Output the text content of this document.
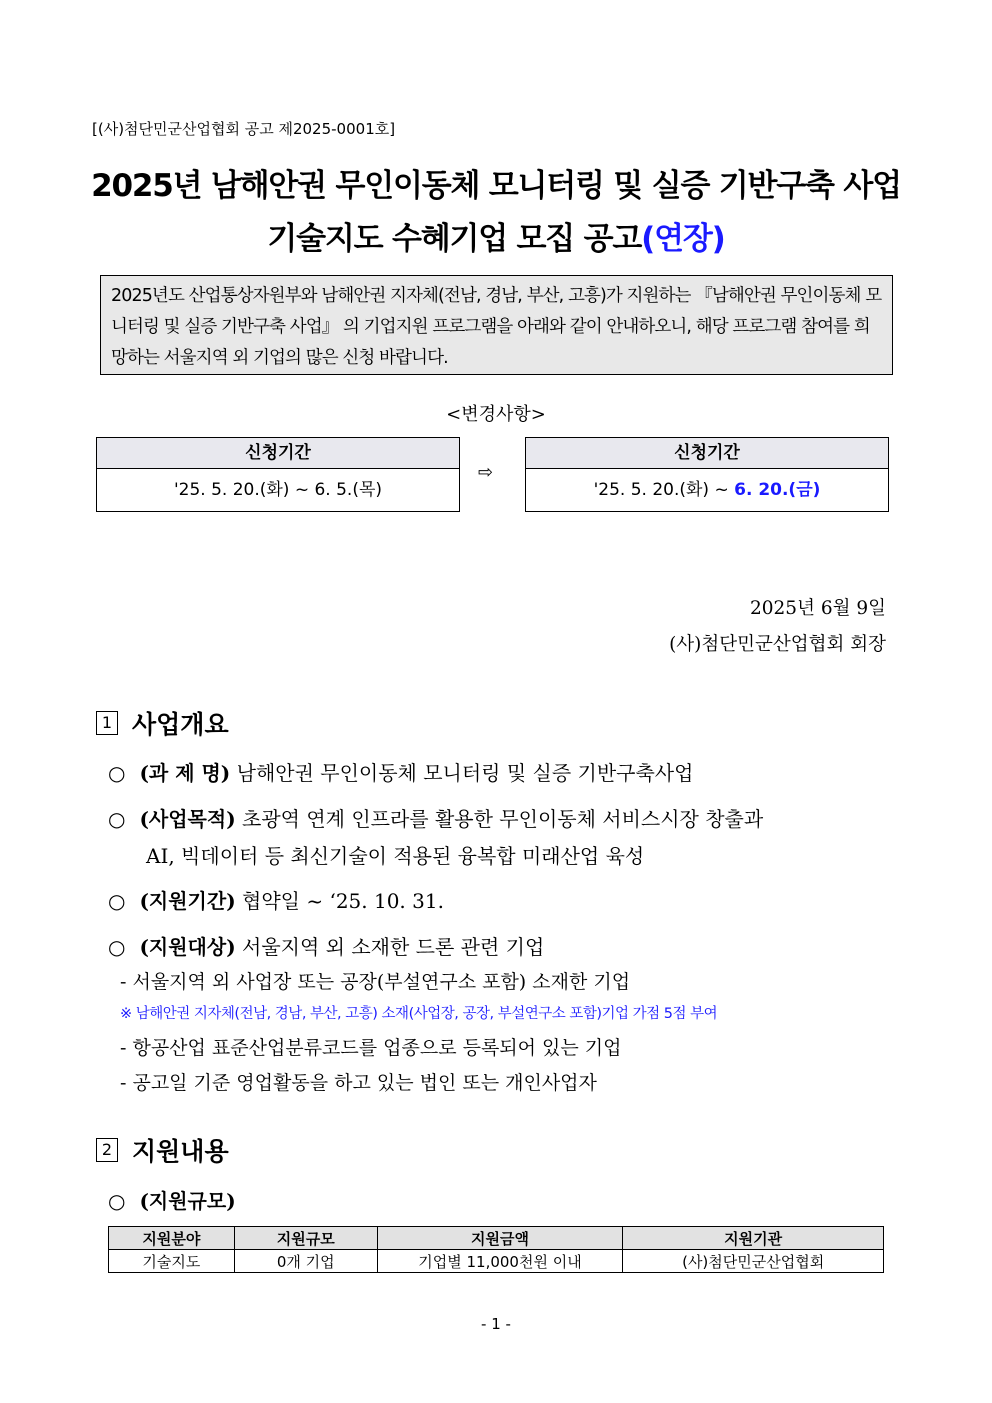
[(사)첨단민군산업협회 공고 제2025-0001호]
2025년 남해안권 무인이동체 모니터링 및 실증 기반구축 사업
기술지도 수혜기업 모집 공고(연장)
2025년도 산업통상자원부와 남해안권 지자체(전남, 경남, 부산, 고흥)가 지원하는 『남해안권 무인이동체 모니터링 및 실증 기반구축 사업』 의 기업지원 프로그램을 아래와 같이 안내하오니, 해당 프로그램 참여를 희망하는 서울지역 외 기업의 많은 신청 바랍니다.
<변경사항>
신청기간
'25. 5. 20.(화) ~ 6. 5.(목)
⇨
신청기간
'25. 5. 20.(화) ~ 6. 20.(금)
2025년 6월 9일
(사)첨단민군산업협회 회장
1 사업개요
○ (과 제 명) 남해안권 무인이동체 모니터링 및 실증 기반구축사업
○ (사업목적) 초광역 연계 인프라를 활용한 무인이동체 서비스시장 창출과
AI, 빅데이터 등 최신기술이 적용된 융복합 미래산업 육성
○ (지원기간) 협약일 ~ ‘25. 10. 31.
○ (지원대상) 서울지역 외 소재한 드론 관련 기업
- 서울지역 외 사업장 또는 공장(부설연구소 포함) 소재한 기업
※ 남해안권 지자체(전남, 경남, 부산, 고흥) 소재(사업장, 공장, 부설연구소 포함)기업 가점 5점 부여
- 항공산업 표준산업분류코드를 업종으로 등록되어 있는 기업
- 공고일 기준 영업활동을 하고 있는 법인 또는 개인사업자
2 지원내용
○ (지원규모)
지원분야	지원규모	지원금액	지원기관
기술지도	0개 기업	기업별 11,000천원 이내	(사)첨단민군산업협회
- 1 -
